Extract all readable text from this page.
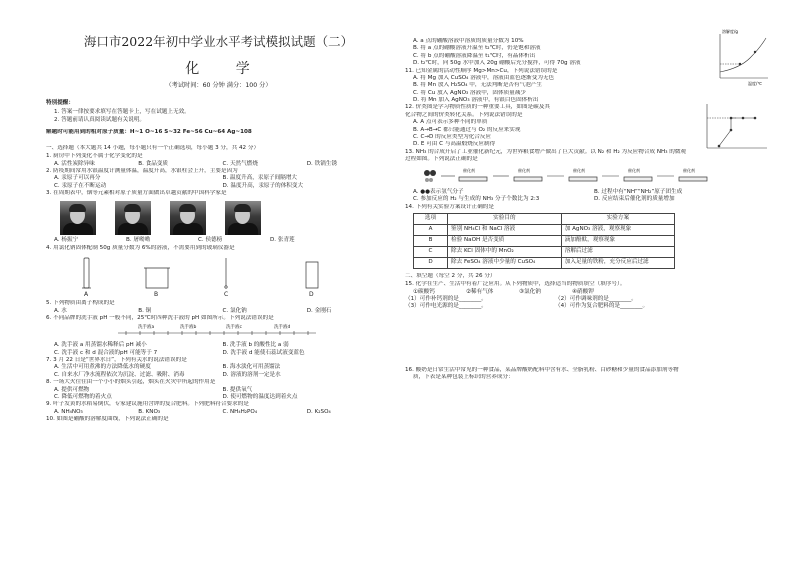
海口市2022年初中学业水平考试模拟试题（二）
化 学
（考试时间：60 分钟 满分：100 分）
特别提醒：
1. 答案一律按要求填写在答题卡上，写在试题上无效。
2. 答题前请认真阅读试题有关说明。
解题时可能用到的相对原子质量：H~1 O~16 S~32 Fe~56 Cu~64 Ag~108
一、选择题（本大题共 14 小题，每小题只有一个正确选项，每小题 3 分，共 42 分）
1. 厨房中下列变化不属于化学变化的是
A. 活性炭除异味	B. 食品变质	C. 天然气燃烧	D. 铁锅生锈
2. 防疫期间常用水银温度计测量体温，温度升高，水银柱会上升，主要是因为
A. 汞原子可以再分	B. 温度升高，汞原子间隔增大
C. 汞原子在不断运动	D. 温度升高，汞原子的体积变大
3. 在周期表中，铟等元素相对原子质量方面做出卓越贡献的中国科学家是
A. 杨振宁	B. 屠呦呦	C. 侯德榜	D. 张青莲
4. 用氯化钠固体配制 50g 质量分数为 6%的溶液，不需要用到的玻璃仪器是
A	B	C	D
5. 下列物质由离子构成的是
A. 水	B. 铜	C. 氯化钠	D. 金刚石
6. 不同品牌的洗手液 pH 一般不同，25℃时四种洗手液的 pH 如图所示。下列说法错误的是
洗手液a	洗手液b	洗手液c	洗手液d
A. 洗手液 a 用蒸馏水稀释后 pH 减小	B. 洗手液 b 的酸性比 a 弱
C. 洗手液 c 和 d 混合液的pH 可能等于 7	D. 洗手液 d 能使石蕊试液变蓝色
7. 3 月 22 日是“世界水日”，下列有关水的说法错误的是
A. 生活中可用煮沸的方法降低水的硬度	B. 海水淡化可用蒸馏法
C. 自来水厂净水流程依次为沉淀、过滤、吸附、消毒	D. 溶液的溶剂一定是水
8. 一场大火往往由一个小小的烟头引起，烟头在火灾中所起的作用是
A. 提供可燃物	B. 提供氧气
C. 降低可燃物的着火点	D. 使可燃物的温度达到着火点
9. 叶子发黄的水稻易倒伏，专家建议施用含钾的复合肥料。下列肥料符合要求的是
A. NH₄NO₃	B. KNO₃	C. NH₄H₂PO₄	D. K₂SO₄
10. 如图是硼酸的溶解度曲线，下列说法正确的是
A. a 点的硼酸溶液中溶质的质量分数为 10%
B. 将 a 点的硼酸溶液升温至 t₂℃时，仍是饱和溶液
C. 将 b 点的硼酸溶液降温至 t₁℃时，有晶体析出
D. t₂℃时，向 50g 水中加入 20g 硼酸后充分搅拌，可得 70g 溶液
溶解度/g
温度/℃
11. 已知金属的活动性顺序 Mg>Mn>Cu，下列说法错误的是
A. 将 Mg 加入 CuSO₄ 溶液中，溶液由蓝色逐渐变为无色
B. 将 Mn 放入 H₂SO₄ 中，无法判断是否有气泡产生
C. 将 Cu 放入 AgNO₃ 溶液中，固体质量减少
D. 将 Mn 加入 AgNO₃ 溶液中，有银白色固体析出
12. 价类图是学习物质性质的一种重要工具，如图是碳及其
化合物之间的价类转化关系。下列说法错误的是
A. A 点可表示多种不同的单质
B. A→B→C 都只能通过与 O₂ 的反应来实现
C. C→D 的反应类型为化合反应
D. E 可由 C 与高温煅烧反应制得
13. NH₃ 的合成开启了工业催化新纪元，为世界粮食增产做出了巨大贡献。以 N₂ 和 H₂ 为反应物合成 NH₃ 的微观
过程如图。下列说法正确的是
催化剂	催化剂	催化剂	催化剂	催化剂
A. ●●表示氢气分子	B. 过程中有“NH”“NH₂”原子团生成
C. 参加反应的 H₂ 与生成的 NH₃ 分子个数比为 2:3	D. 反应结束后催化剂的质量增加
14. 下列有关实验方案设计正确的是
选项	实验目的	实验方案
A	鉴别 NH₄Cl 和 NaCl 溶液	加 AgNO₃ 溶液，观察现象
B	检验 NaOH 是否变质	滴加酚酞，观察现象
C	除去 KCl 固体中的 MnO₂	溶解后过滤
D	除去 FeSO₄ 溶液中少量的 CuSO₄	加入足量的铁粉，充分反应后过滤
二、填空题（每空 2 分，共 26 分）
15. 化学在生产、生活中有着广泛应用。从下列物质中，选择适当的物质填空（填序号）。
①碳酸钙	②稀有气体	③氯化钠	④硝酸钾
（1）可作补钙剂的是________。	（2）可作调味剂的是________。
（3）可作电光源的是________。	（4）可作为复合肥料的是________。
16. 酸奶是日常生活中常见的一种食品，某品牌酸奶配料中含有水、全脂乳粉、白砂糖和少量的食品添加剂等物
质，下表是某种包装上标识的营养成分：
